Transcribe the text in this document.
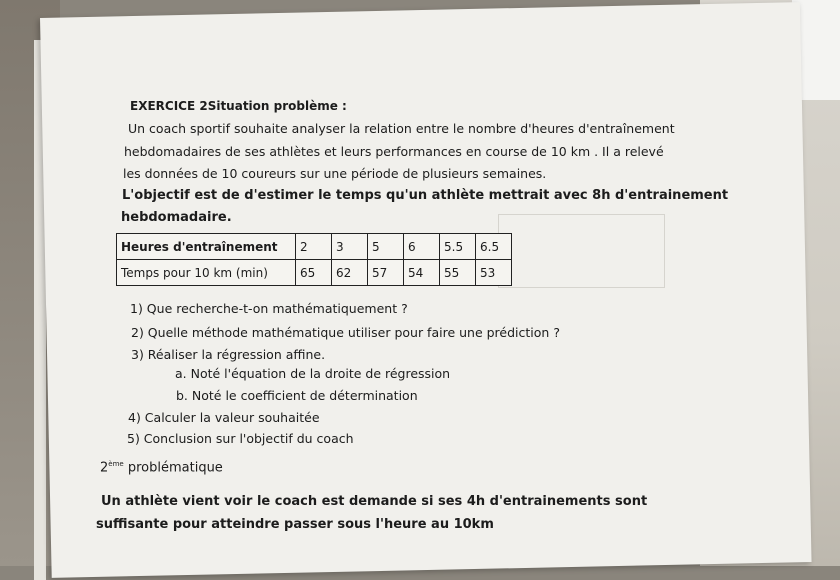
EXERCICE 2Situation problème :
Un coach sportif souhaite analyser la relation entre le nombre d'heures d'entraînement
hebdomadaires de ses athlètes et leurs performances en course de 10 km . Il a relevé
les données de 10 coureurs sur une période de plusieurs semaines.
L'objectif est de d'estimer le temps qu'un athlète mettrait avec 8h d'entrainement
hebdomadaire.
Heures d'entraînement	2	3	5	6	5.5	6.5
Temps pour 10 km (min)	65	62	57	54	55	53
1) Que recherche-t-on mathématiquement ?
2) Quelle méthode mathématique utiliser pour faire une prédiction ?
3) Réaliser la régression affine.
a. Noté l'équation de la droite de régression
b. Noté le coefficient de détermination
4) Calculer la valeur souhaitée
5) Conclusion sur l'objectif du coach
2ème problématique
Un athlète vient voir le coach est demande si ses 4h d'entrainements sont
suffisante pour atteindre passer sous l'heure au 10km
